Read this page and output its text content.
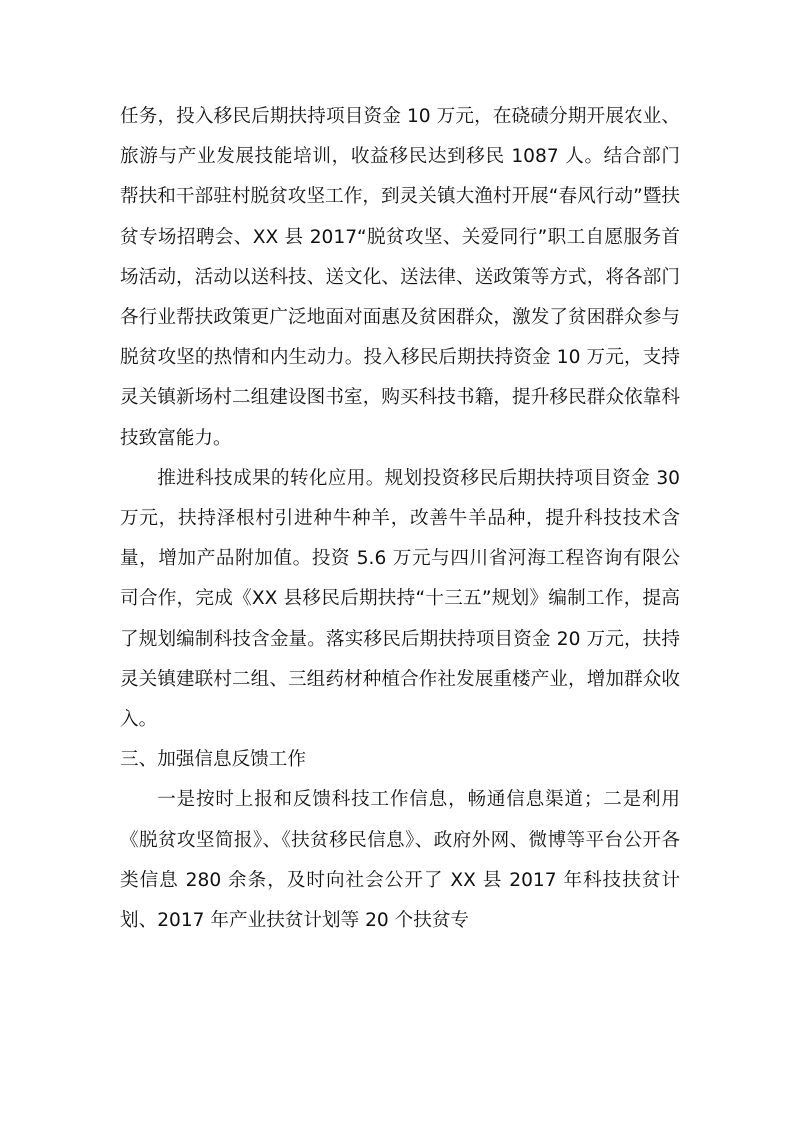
任务，投入移民后期扶持项目资金 10 万元，在硗碛分期开展农业、旅游与产业发展技能培训，收益移民达到移民 1087 人。结合部门帮扶和干部驻村脱贫攻坚工作，到灵关镇大渔村开展“春风行动”暨扶贫专场招聘会、XX 县 2017“脱贫攻坚、关爱同行”职工自愿服务首场活动，活动以送科技、送文化、送法律、送政策等方式，将各部门各行业帮扶政策更广泛地面对面惠及贫困群众，激发了贫困群众参与脱贫攻坚的热情和内生动力。投入移民后期扶持资金 10 万元，支持灵关镇新场村二组建设图书室，购买科技书籍，提升移民群众依靠科技致富能力。

推进科技成果的转化应用。规划投资移民后期扶持项目资金 30 万元，扶持泽根村引进种牛种羊，改善牛羊品种，提升科技技术含量，增加产品附加值。投资 5.6 万元与四川省河海工程咨询有限公司合作，完成《XX 县移民后期扶持“十三五”规划》编制工作，提高了规划编制科技含金量。落实移民后期扶持项目资金 20 万元，扶持灵关镇建联村二组、三组药材种植合作社发展重楼产业，增加群众收入。

三、加强信息反馈工作

一是按时上报和反馈科技工作信息，畅通信息渠道；二是利用《脱贫攻坚简报》、《扶贫移民信息》、政府外网、微博等平台公开各类信息 280 余条，及时向社会公开了 XX 县 2017 年科技扶贫计划、2017 年产业扶贫计划等 20 个扶贫专
